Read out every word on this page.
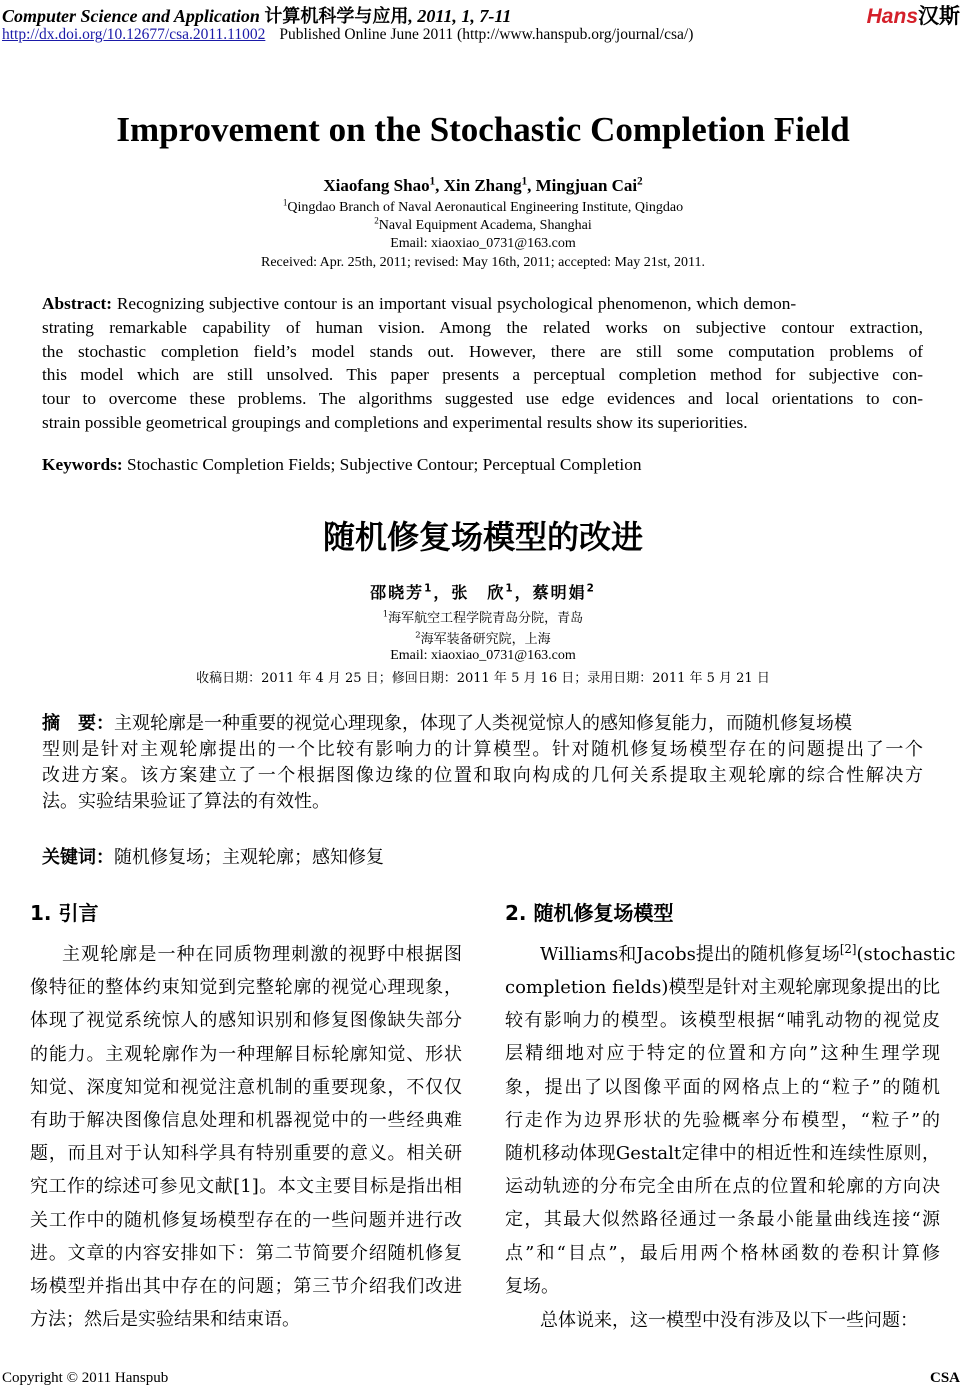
Computer Science and Application 计算机科学与应用, 2011, 1, 7-11
http://dx.doi.org/10.12677/csa.2011.11002 Published Online June 2011 (http://www.hanspub.org/journal/csa/)
Hans汉斯
Improvement on the Stochastic Completion Field
Xiaofang Shao$^1$, Xin Zhang$^1$, Mingjuan Cai$^2$
$^1$Qingdao Branch of Naval Aeronautical Engineering Institute, Qingdao
$^2$Naval Equipment Academa, Shanghai
Email: xiaoxiao_0731@163.com
Received: Apr. 25th, 2011; revised: May 16th, 2011; accepted: May 21st, 2011.
Abstract: Recognizing subjective contour is an important visual psychological phenomenon, which demon-
strating remarkable capability of human vision. Among the related works on subjective contour extraction,
the stochastic completion field’s model stands out. However, there are still some computation problems of
this model which are still unsolved. This paper presents a perceptual completion method for subjective con-
tour to overcome these problems. The algorithms suggested use edge evidences and local orientations to con-
strain possible geometrical groupings and completions and experimental results show its superiorities.
Keywords: Stochastic Completion Fields; Subjective Contour; Perceptual Completion
随机修复场模型的改进
邵晓芳$^1$，张　欣$^1$，蔡明娟$^2$
$^1$海军航空工程学院青岛分院，青岛
$^2$海军装备研究院，上海
Email: xiaoxiao_0731@163.com
收稿日期：2011 年 4 月 25 日；修回日期：2011 年 5 月 16 日；录用日期：2011 年 5 月 21 日
摘　要：主观轮廓是一种重要的视觉心理现象，体现了人类视觉惊人的感知修复能力，而随机修复场模
型则是针对主观轮廓提出的一个比较有影响力的计算模型。针对随机修复场模型存在的问题提出了一个
改进方案。该方案建立了一个根据图像边缘的位置和取向构成的几何关系提取主观轮廓的综合性解决方
法。实验结果验证了算法的有效性。
关键词：随机修复场；主观轮廓；感知修复
1. 引言
主观轮廓是一种在同质物理刺激的视野中根据图
像特征的整体约束知觉到完整轮廓的视觉心理现象，
体现了视觉系统惊人的感知识别和修复图像缺失部分
的能力。主观轮廓作为一种理解目标轮廓知觉、形状
知觉、深度知觉和视觉注意机制的重要现象，不仅仅
有助于解决图像信息处理和机器视觉中的一些经典难
题，而且对于认知科学具有特别重要的意义。相关研
究工作的综述可参见文献[1]。本文主要目标是指出相
关工作中的随机修复场模型存在的一些问题并进行改
进。文章的内容安排如下：第二节简要介绍随机修复
场模型并指出其中存在的问题；第三节介绍我们改进
方法；然后是实验结果和结束语。
2. 随机修复场模型
Williams和Jacobs提出的随机修复场[2](stochastic
completion fields)模型是针对主观轮廓现象提出的比
较有影响力的模型。该模型根据“哺乳动物的视觉皮
层精细地对应于特定的位置和方向”这种生理学现
象，提出了以图像平面的网格点上的“粒子”的随机
行走作为边界形状的先验概率分布模型，“粒子”的
随机移动体现Gestalt定律中的相近性和连续性原则，
运动轨迹的分布完全由所在点的位置和轮廓的方向决
定，其最大似然路径通过一条最小能量曲线连接“源
点”和“目点”，最后用两个格林函数的卷积计算修
复场。
总体说来，这一模型中没有涉及以下一些问题：
Copyright © 2011 Hanspub	CSA
